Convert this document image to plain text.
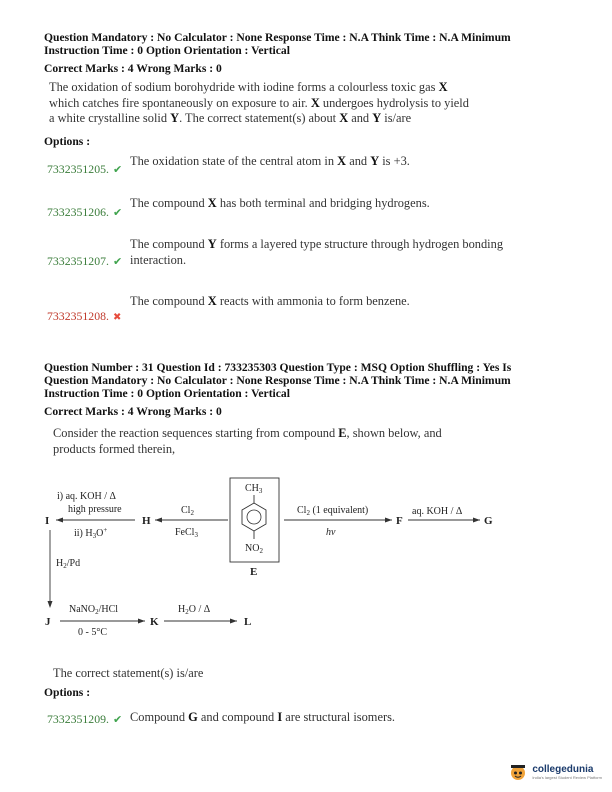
Question Mandatory : No Calculator : None Response Time : N.A Think Time : N.A Minimum
Instruction Time : 0 Option Orientation : Vertical
Correct Marks : 4 Wrong Marks : 0
The oxidation of sodium borohydride with iodine forms a colourless toxic gas X
which catches fire spontaneously on exposure to air. X undergoes hydrolysis to yield
a white crystalline solid Y. The correct statement(s) about X and Y is/are
Options :
7332351205. ✔
The oxidation state of the central atom in X and Y is +3.
7332351206. ✔
The compound X has both terminal and bridging hydrogens.
The compound Y forms a layered type structure through hydrogen bonding
7332351207. ✔ interaction.
The compound X reacts with ammonia to form benzene.
7332351208. ✖
Question Number : 31 Question Id : 733235303 Question Type : MSQ Option Shuffling : Yes Is
Question Mandatory : No Calculator : None Response Time : N.A Think Time : N.A Minimum
Instruction Time : 0 Option Orientation : Vertical
Correct Marks : 4 Wrong Marks : 0
Consider the reaction sequences starting from compound E, shown below, and
products formed therein,
i) aq. KOH / Δ
high pressure
ii) $H_3O^+$
I	H
$Cl_2$
FeCl$_3$
$CH_3$
$NO_2$
E
$Cl_2$ (1 equivalent)
hν
F
aq. KOH / Δ
G
$H_2/Pd$
J
NaNO$_2$/HCl
0 - 5°C
K
$H_2O$ / Δ
L
The correct statement(s) is/are
Options :
7332351209. ✔ Compound G and compound I are structural isomers.
collegedunia
India's largest Student Review Platform
